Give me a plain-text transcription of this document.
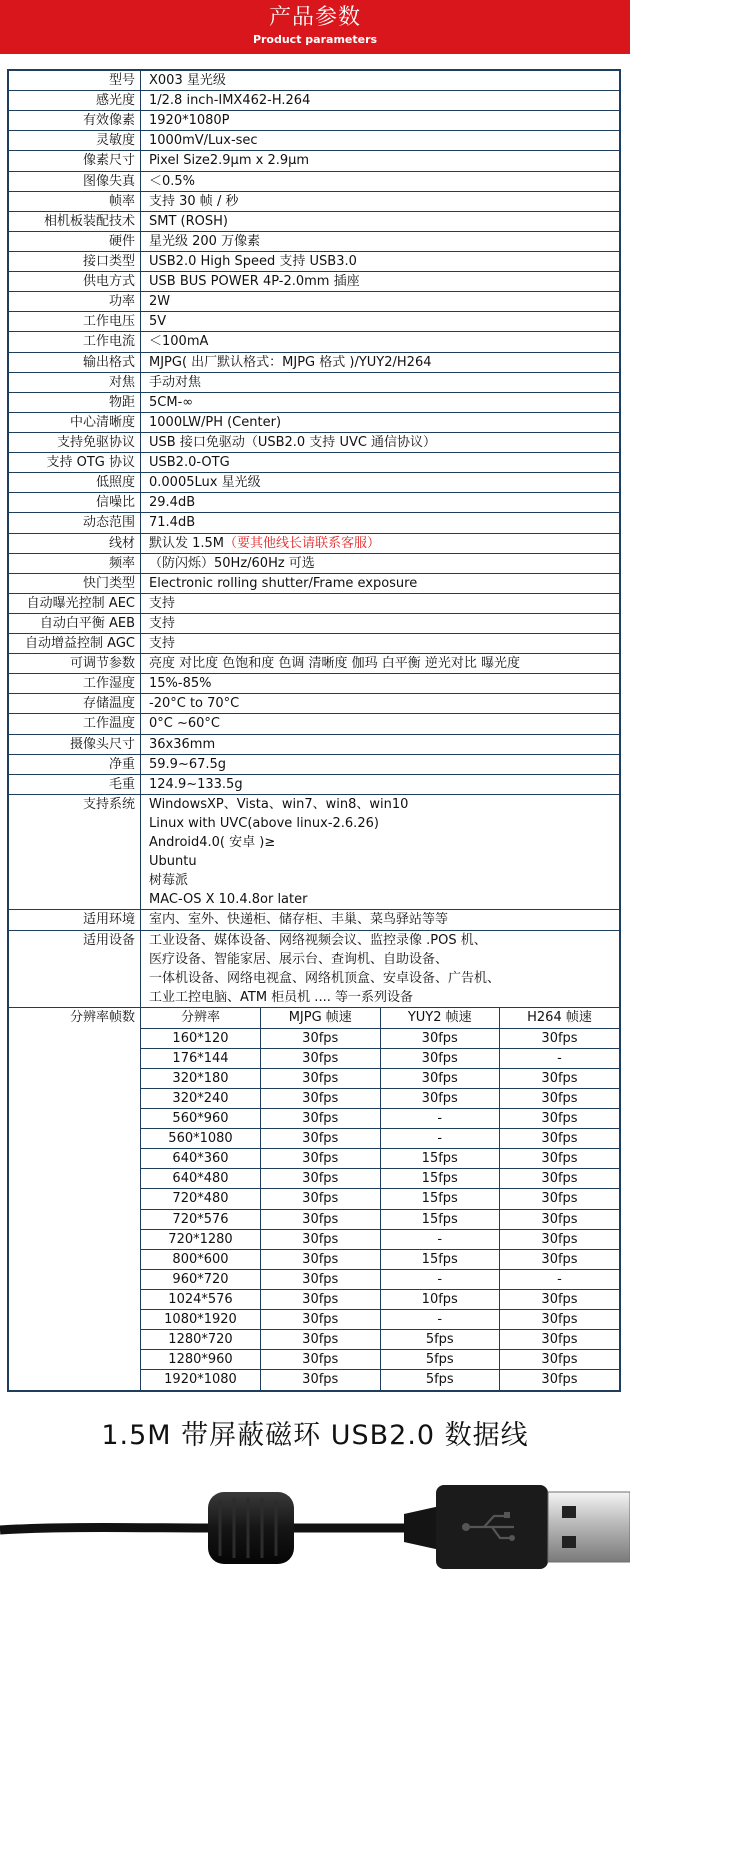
产品参数
Product parameters
型号	X003 星光级

感光度	1/2.8 inch-IMX462-H.264

有效像素	1920*1080P

灵敏度	1000mV/Lux-sec

像素尺寸	Pixel Size2.9μm x 2.9μm

图像失真	＜0.5%

帧率	支持 30 帧 / 秒

相机板装配技术	SMT (ROSH)

硬件	星光级 200 万像素

接口类型	USB2.0 High Speed 支持 USB3.0

供电方式	USB BUS POWER 4P-2.0mm 插座

功率	2W

工作电压	5V

工作电流	＜100mA

输出格式	MJPG( 出厂默认格式：MJPG 格式 )/YUY2/H264

对焦	手动对焦

物距	5CM-∞

中心清晰度	1000LW/PH (Center)

支持免驱协议	USB 接口免驱动（USB2.0 支持 UVC 通信协议）

支持 OTG 协议	USB2.0-OTG

低照度	0.0005Lux 星光级

信噪比	29.4dB

动态范围	71.4dB

线材	默认发 1.5M（要其他线长请联系客服）
频率	（防闪烁）50Hz/60Hz 可选

快门类型	Electronic rolling shutter/Frame exposure

自动曝光控制 AEC	支持

自动白平衡 AEB	支持

自动增益控制 AGC	支持

可调节参数	亮度 对比度 色饱和度 色调 清晰度 伽玛 白平衡 逆光对比 曝光度

工作湿度	15%-85%

存储温度	-20°C to 70°C

工作温度	0°C ~60°C

摄像头尺寸	36x36mm

净重	59.9~67.5g

毛重	124.9~133.5g

支持系统	WindowsXP、Vista、win7、win8、win10
Linux with UVC(above linux-2.6.26)
Android4.0( 安卓 )≥
Ubuntu
树莓派
MAC-OS X 10.4.8or later

适用环境	室内、室外、快递柜、储存柜、丰巢、菜鸟驿站等等

适用设备	工业设备、媒体设备、网络视频会议、监控录像 .POS 机、
医疗设备、智能家居、展示台、查询机、自助设备、
一体机设备、网络电视盒、网络机顶盒、安卓设备、广告机、
工业工控电脑、ATM 柜员机 .... 等一系列设备

分辨率帧数		分辨率	MJPG 帧速	YUY2 帧速	H264 帧速
160*120	30fps	30fps	30fps
176*144	30fps	30fps	-
320*180	30fps	30fps	30fps
320*240	30fps	30fps	30fps
560*960	30fps	-	30fps
560*1080	30fps	-	30fps
640*360	30fps	15fps	30fps
640*480	30fps	15fps	30fps
720*480	30fps	15fps	30fps
720*576	30fps	15fps	30fps
720*1280	30fps	-	30fps
800*600	30fps	15fps	30fps
960*720	30fps	-	-
1024*576	30fps	10fps	30fps
1080*1920	30fps	-	30fps
1280*720	30fps	5fps	30fps
1280*960	30fps	5fps	30fps
1920*1080	30fps	5fps	30fps
1.5M 带屏蔽磁环 USB2.0 数据线
